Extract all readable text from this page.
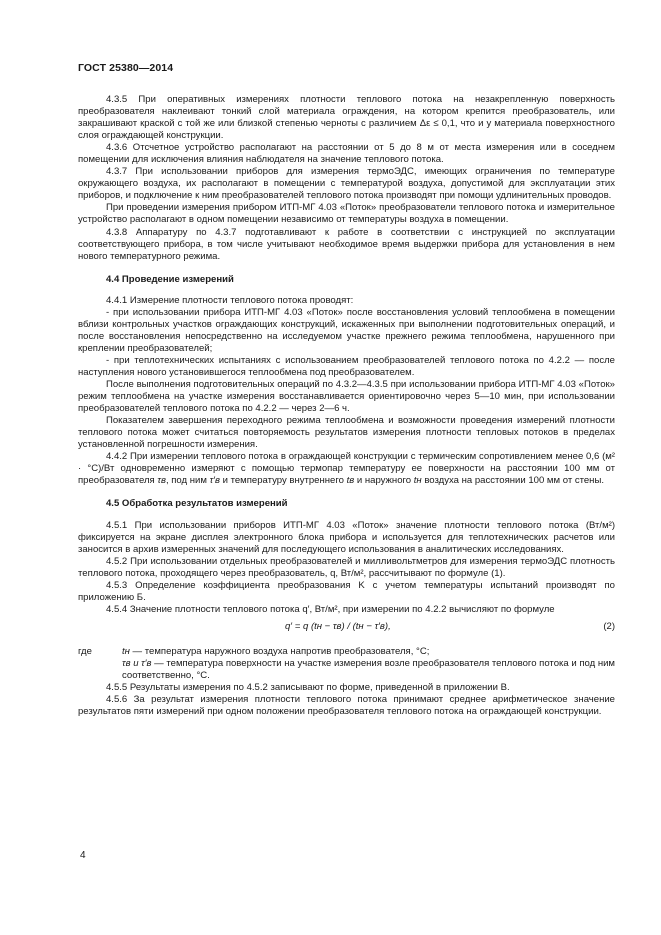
ГОСТ 25380—2014

4.3.5 При оперативных измерениях плотности теплового потока на незакрепленную поверхность преобразователя наклеивают тонкий слой материала ограждения, на котором крепится преобразователь, или закрашивают краской с той же или близкой степенью черноты с различием Δε ≤ 0,1, что и у материала поверхностного слоя ограждающей конструкции.

4.3.6 Отсчетное устройство располагают на расстоянии от 5 до 8 м от места измерения или в соседнем помещении для исключения влияния наблюдателя на значение теплового потока.

4.3.7 При использовании приборов для измерения термоЭДС, имеющих ограничения по температуре окружающего воздуха, их располагают в помещении с температурой воздуха, допустимой для эксплуатации этих приборов, и подключение к ним преобразователей теплового потока производят при помощи удлинительных проводов.

При проведении измерения прибором ИТП-МГ 4.03 «Поток» преобразователи теплового потока и измерительное устройство располагают в одном помещении независимо от температуры воздуха в помещении.

4.3.8 Аппаратуру по 4.3.7 подготавливают к работе в соответствии с инструкцией по эксплуатации соответствующего прибора, в том числе учитывают необходимое время выдержки прибора для установления в нем нового температурного режима.

4.4 Проведение измерений

4.4.1 Измерение плотности теплового потока проводят:

- при использовании прибора ИТП-МГ 4.03 «Поток» после восстановления условий теплообмена в помещении вблизи контрольных участков ограждающих конструкций, искаженных при выполнении подготовительных операций, и после восстановления непосредственно на исследуемом участке прежнего режима теплообмена, нарушенного при креплении преобразователей;

- при теплотехнических испытаниях с использованием преобразователей теплового потока по 4.2.2 — после наступления нового установившегося теплообмена под преобразователем.

После выполнения подготовительных операций по 4.3.2—4.3.5 при использовании прибора ИТП-МГ 4.03 «Поток» режим теплообмена на участке измерения восстанавливается ориентировочно через 5—10 мин, при использовании преобразователей теплового потока по 4.2.2 — через 2—6 ч.

Показателем завершения переходного режима теплообмена и возможности проведения измерений плотности теплового потока может считаться повторяемость результатов измерения плотности тепловых потоков в пределах установленной погрешности измерения.

4.4.2 При измерении теплового потока в ограждающей конструкции с термическим сопротивлением менее 0,6 (м² · °С)/Вт одновременно измеряют с помощью термопар температуру ее поверхности на расстоянии 100 мм от преобразователя τв, под ним τ′в и температуру внутреннего tв и наружного tн воздуха на расстоянии 100 мм от стены.

4.5 Обработка результатов измерений

4.5.1 При использовании приборов ИТП-МГ 4.03 «Поток» значение плотности теплового потока (Вт/м²) фиксируется на экране дисплея электронного блока прибора и используется для теплотехнических расчетов или заносится в архив измеренных значений для последующего использования в аналитических исследованиях.

4.5.2 При использовании отдельных преобразователей и милливольтметров для измерения термоЭДС плотность теплового потока, проходящего через преобразователь, q, Вт/м², рассчитывают по формуле (1).

4.5.3 Определение коэффициента преобразования K с учетом температуры испытаний производят по приложению Б.

4.5.4 Значение плотности теплового потока q′, Вт/м², при измерении по 4.2.2 вычисляют по формуле

q′ = q (tн − τв) / (tн − τ′в),	(2)
где	tн — температура наружного воздуха напротив преобразователя, °С;
τв и τ′в — температура поверхности на участке измерения возле преобразователя теплового потока и под ним соответственно, °С.

4.5.5 Результаты измерения по 4.5.2 записывают по форме, приведенной в приложении В.

4.5.6 За результат измерения плотности теплового потока принимают среднее арифметическое значение результатов пяти измерений при одном положении преобразователя теплового потока на ограждающей конструкции.

4
